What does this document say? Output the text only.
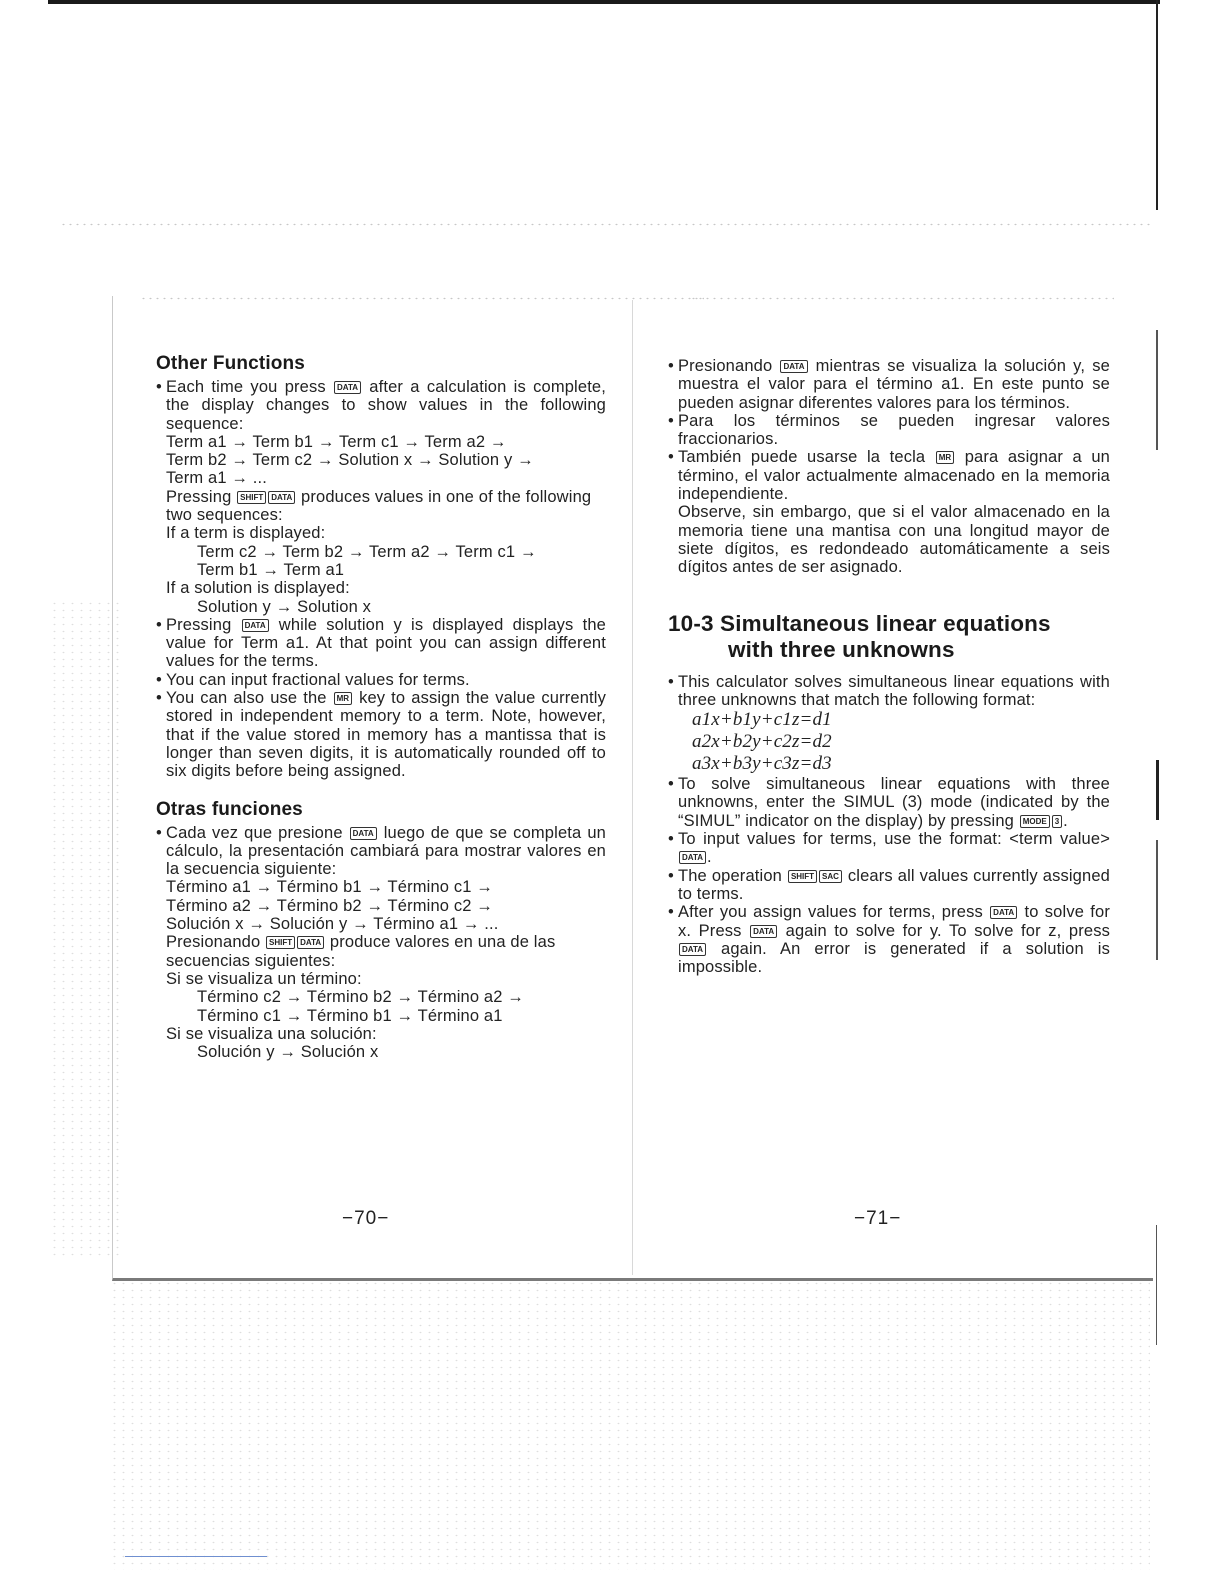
Other Functions
• Each time you press DATA after a calculation is complete, the display changes to show values in the following sequence:
Term a1 → Term b1 → Term c1 → Term a2 →
Term b2 → Term c2 → Solution x → Solution y →
Term a1 → ...
Pressing SHIFT DATA produces values in one of the following two sequences:
If a term is displayed:
Term c2 → Term b2 → Term a2 → Term c1 →
Term b1 → Term a1
If a solution is displayed:
Solution y → Solution x
• Pressing DATA while solution y is displayed displays the value for Term a1. At that point you can assign different values for the terms.
• You can input fractional values for terms.
• You can also use the MR key to assign the value currently stored in independent memory to a term. Note, however, that if the value stored in memory has a mantissa that is longer than seven digits, it is automatically rounded off to six digits before being assigned.
Otras funciones
• Cada vez que presione DATA luego de que se completa un cálculo, la presentación cambiará para mostrar valores en la secuencia siguiente:
Término a1 → Término b1 → Término c1 →
Término a2 → Término b2 → Término c2 →
Solución x → Solución y → Término a1 → ...
Presionando SHIFT DATA produce valores en una de las secuencias siguientes:
Si se visualiza un término:
Término c2 → Término b2 → Término a2 →
Término c1 → Término b1 → Término a1
Si se visualiza una solución:
Solución y → Solución x
−70−
• Presionando DATA mientras se visualiza la solución y, se muestra el valor para el término a1. En este punto se pueden asignar diferentes valores para los términos.
• Para los términos se pueden ingresar valores fraccionarios.
• También puede usarse la tecla MR para asignar a un término, el valor actualmente almacenado en la memoria independiente.
Observe, sin embargo, que si el valor almacenado en la memoria tiene una mantisa con una longitud mayor de siete dígitos, es redondeado automáticamente a seis dígitos antes de ser asignado.
10-3 Simultaneous linear equations
with three unknowns
• This calculator solves simultaneous linear equations with three unknowns that match the following format:
a1x+b1y+c1z=d1
a2x+b2y+c2z=d2
a3x+b3y+c3z=d3
• To solve simultaneous linear equations with three unknowns, enter the SIMUL (3) mode (indicated by the “SIMUL” indicator on the display) by pressing MODE 3 .
• To input values for terms, use the format: <term value> DATA .
• The operation SHIFT SAC clears all values currently assigned to terms.
• After you assign values for terms, press DATA to solve for x. Press DATA again to solve for y. To solve for z, press DATA again. An error is generated if a solution is impossible.
−71−
